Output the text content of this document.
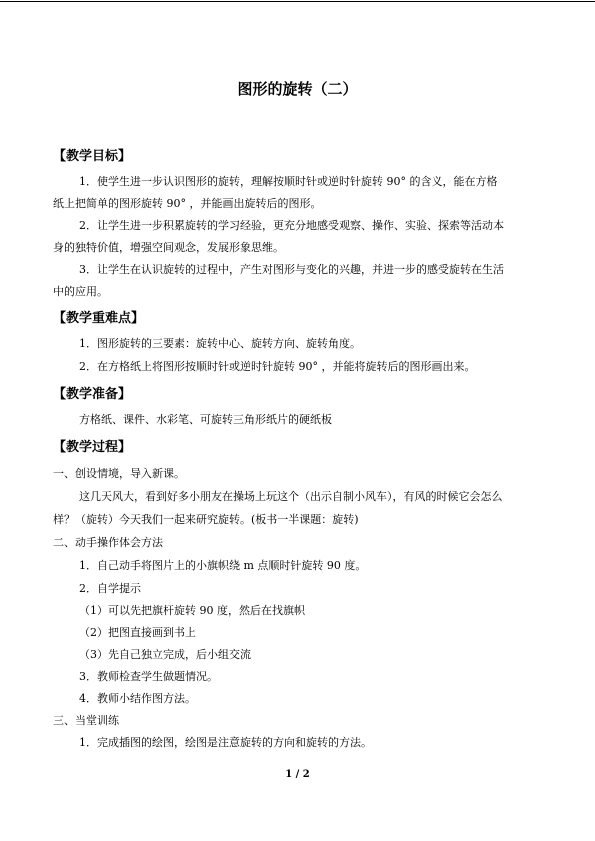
图形的旋转（二）
【教学目标】
1．使学生进一步认识图形的旋转，理解按顺时针或逆时针旋转 90° 的含义，能在方格
纸上把简单的图形旋转 90° ，并能画出旋转后的图形。
2．让学生进一步积累旋转的学习经验，更充分地感受观察、操作、实验、探索等活动本
身的独特价值，增强空间观念，发展形象思维。
3．让学生在认识旋转的过程中，产生对图形与变化的兴趣，并进一步的感受旋转在生活
中的应用。
【教学重难点】
1．图形旋转的三要素：旋转中心、旋转方向、旋转角度。
2．在方格纸上将图形按顺时针或逆时针旋转 90° ，并能将旋转后的图形画出来。
【教学准备】
方格纸、课件、水彩笔、可旋转三角形纸片的硬纸板
【教学过程】
一、创设情境，导入新课。
这几天风大，看到好多小朋友在操场上玩这个（出示自制小风车），有风的时候它会怎么
样？（旋转）今天我们一起来研究旋转。(板书一半课题：旋转)
二、动手操作体会方法
1．自己动手将图片上的小旗帜绕 m 点顺时针旋转 90 度。
2．自学提示
（1）可以先把旗杆旋转 90 度，然后在找旗帜
（2）把图直接画到书上
（3）先自己独立完成，后小组交流
3．教师检查学生做题情况。
4．教师小结作图方法。
三、当堂训练
1．完成插图的绘图，绘图是注意旋转的方向和旋转的方法。
1 / 2
